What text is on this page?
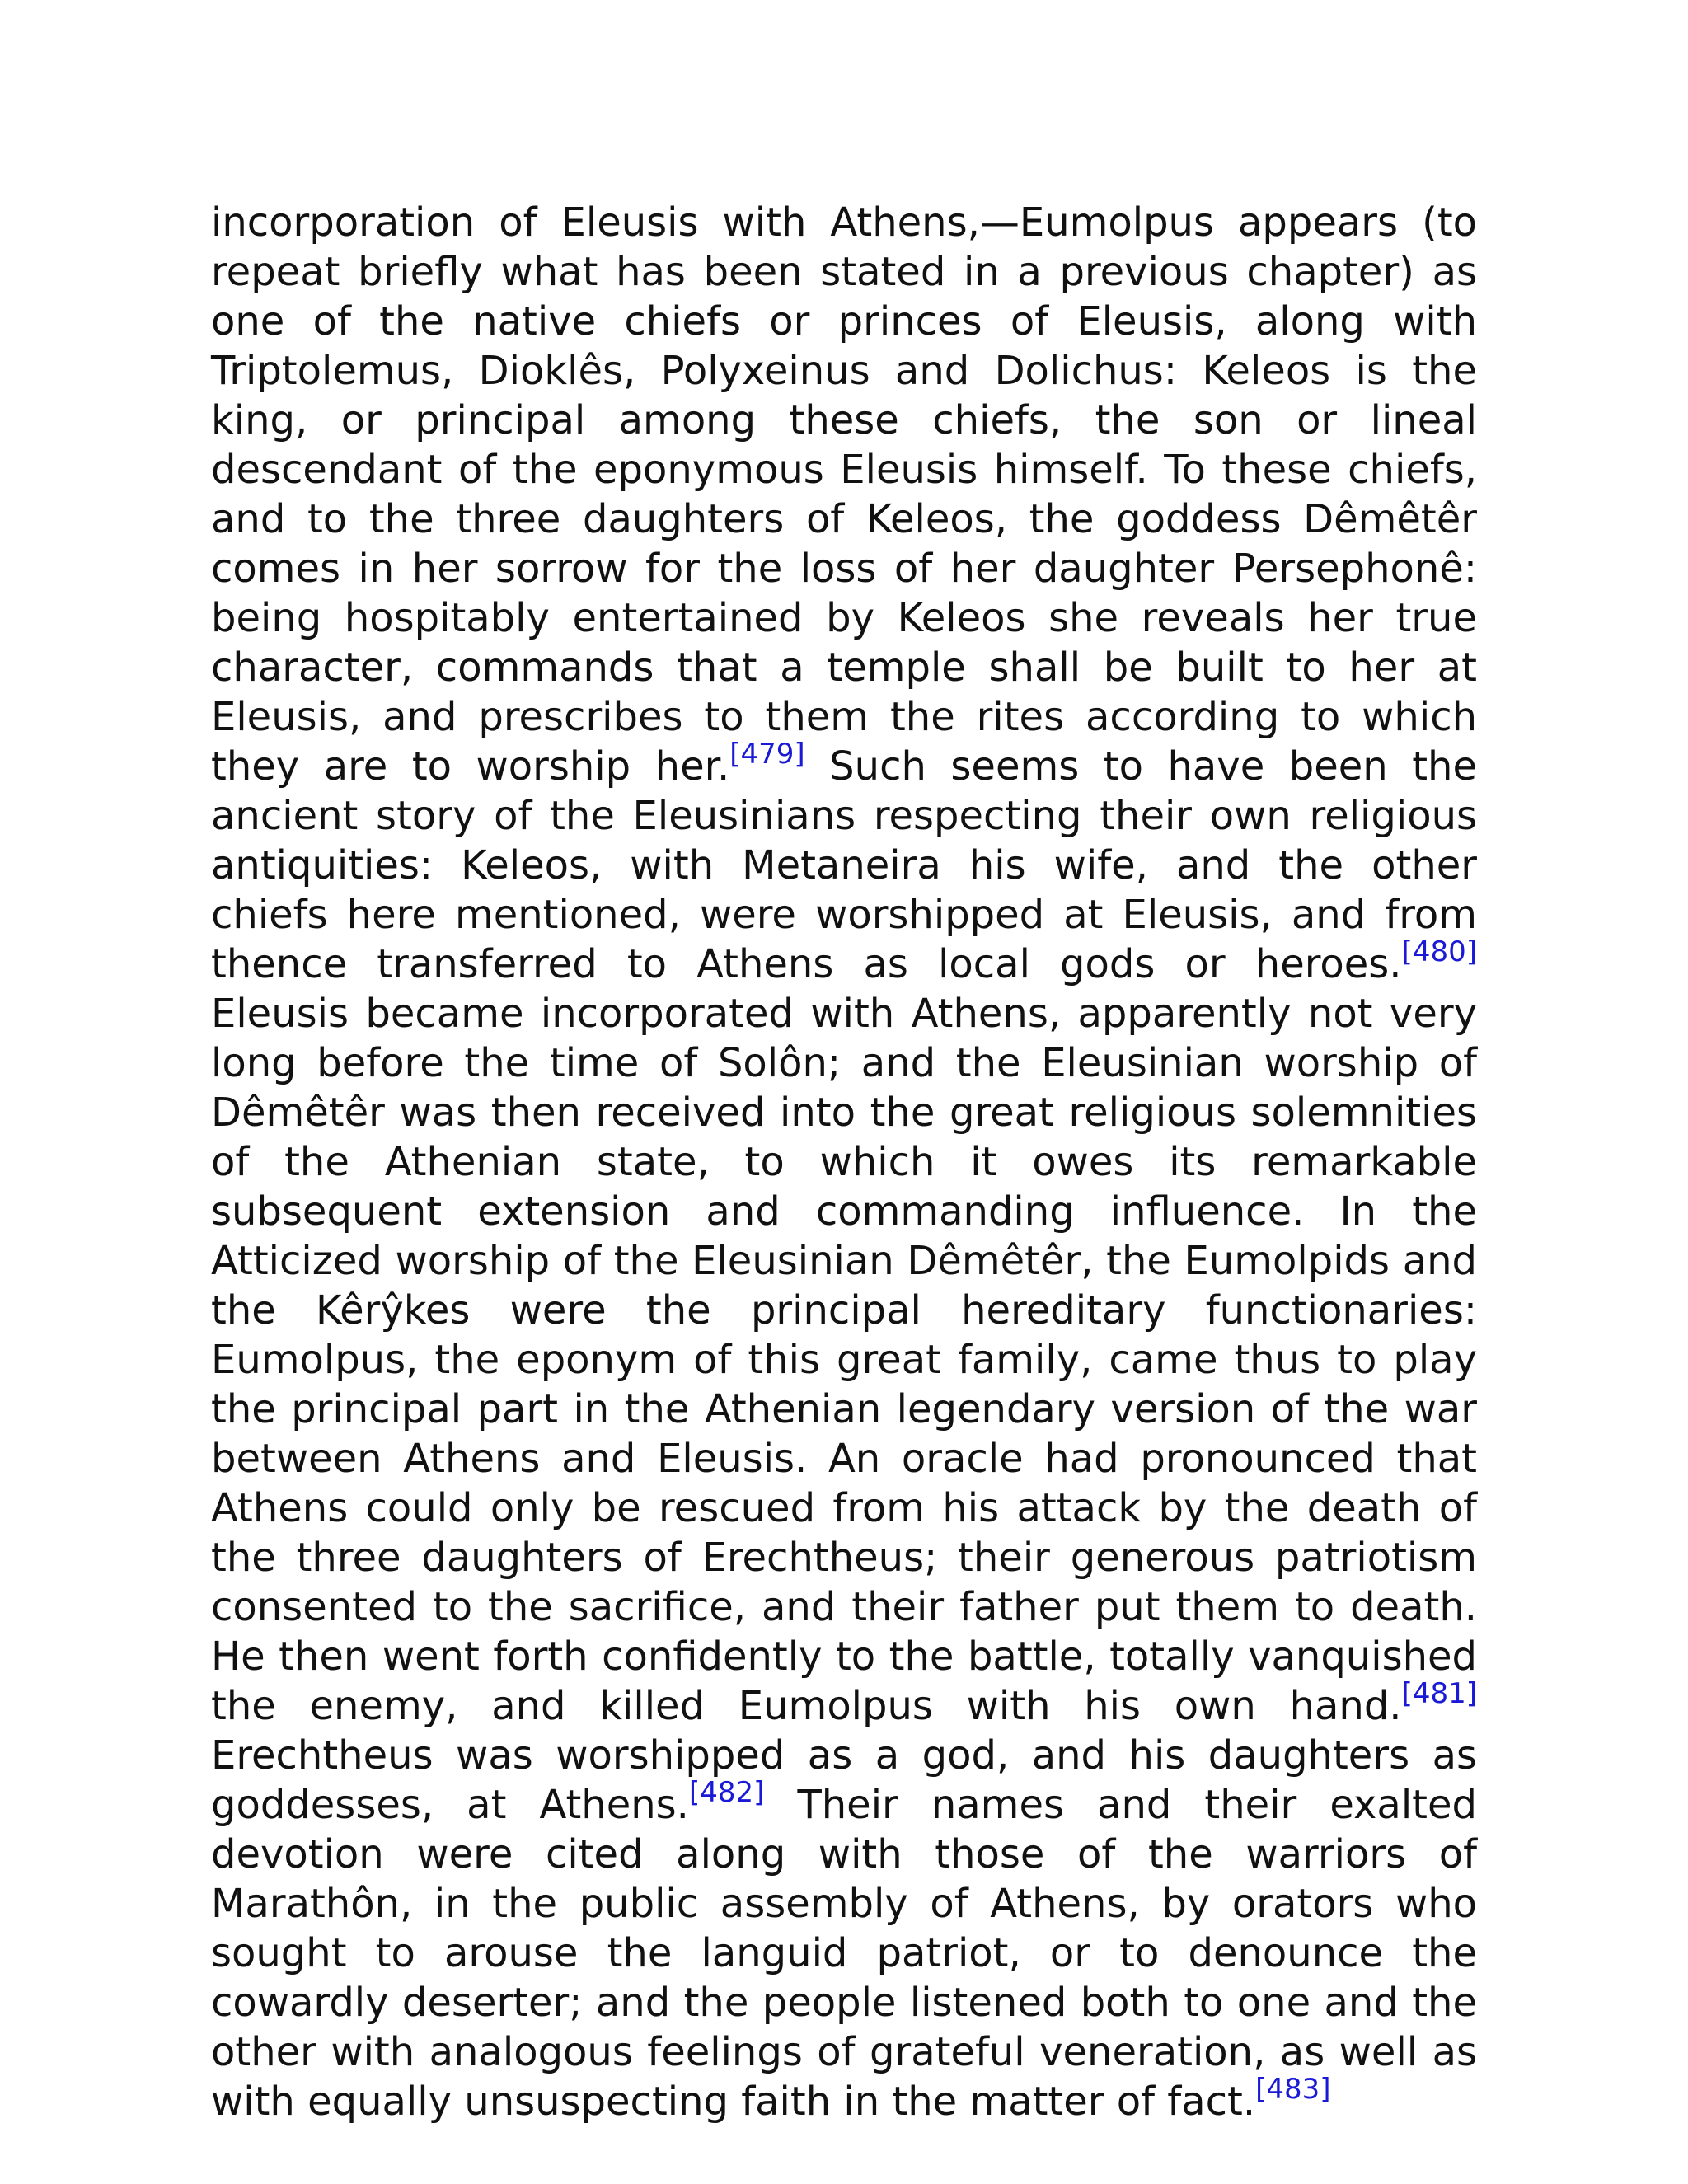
incorporation of Eleusis with Athens,—Eumolpus appears (to repeat briefly what has been stated in a previous chapter) as one of the native chiefs or princes of Eleusis, along with Triptolemus, Dioklês, Polyxeinus and Dolichus: Keleos is the king, or principal among these chiefs, the son or lineal descendant of the eponymous Eleusis himself. To these chiefs, and to the three daughters of Keleos, the goddess Dêmêtêr comes in her sorrow for the loss of her daughter Persephonê: being hospitably entertained by Keleos she reveals her true character, commands that a temple shall be built to her at Eleusis, and prescribes to them the rites according to which they are to worship her.[479] Such seems to have been the ancient story of the Eleusinians respecting their own religious antiquities: Keleos, with Metaneira his wife, and the other chiefs here mentioned, were worshipped at Eleusis, and from thence transferred to Athens as local gods or heroes.[480] Eleusis became incorporated with Athens, apparently not very long before the time of Solôn; and the Eleusinian worship of Dêmêtêr was then received into the great religious solemnities of the Athenian state, to which it owes its remarkable subsequent extension and commanding influence. In the Atticized worship of the Eleusinian Dêmêtêr, the Eumolpids and the Kêrŷkes were the principal hereditary functionaries: Eumolpus, the eponym of this great family, came thus to play the principal part in the Athenian legendary version of the war between Athens and Eleusis. An oracle had pronounced that Athens could only be rescued from his attack by the death of the three daughters of Erechtheus; their generous patriotism consented to the sacrifice, and their father put them to death. He then went forth confidently to the battle, totally vanquished the enemy, and killed Eumolpus with his own hand.[481] Erechtheus was worshipped as a god, and his daughters as goddesses, at Athens.[482] Their names and their exalted devotion were cited along with those of the warriors of Marathôn, in the public assembly of Athens, by orators who sought to arouse the languid patriot, or to denounce the cowardly deserter; and the people listened both to one and the other with analogous feelings of grateful veneration, as well as with equally unsuspecting faith in the matter of fact.[483]
